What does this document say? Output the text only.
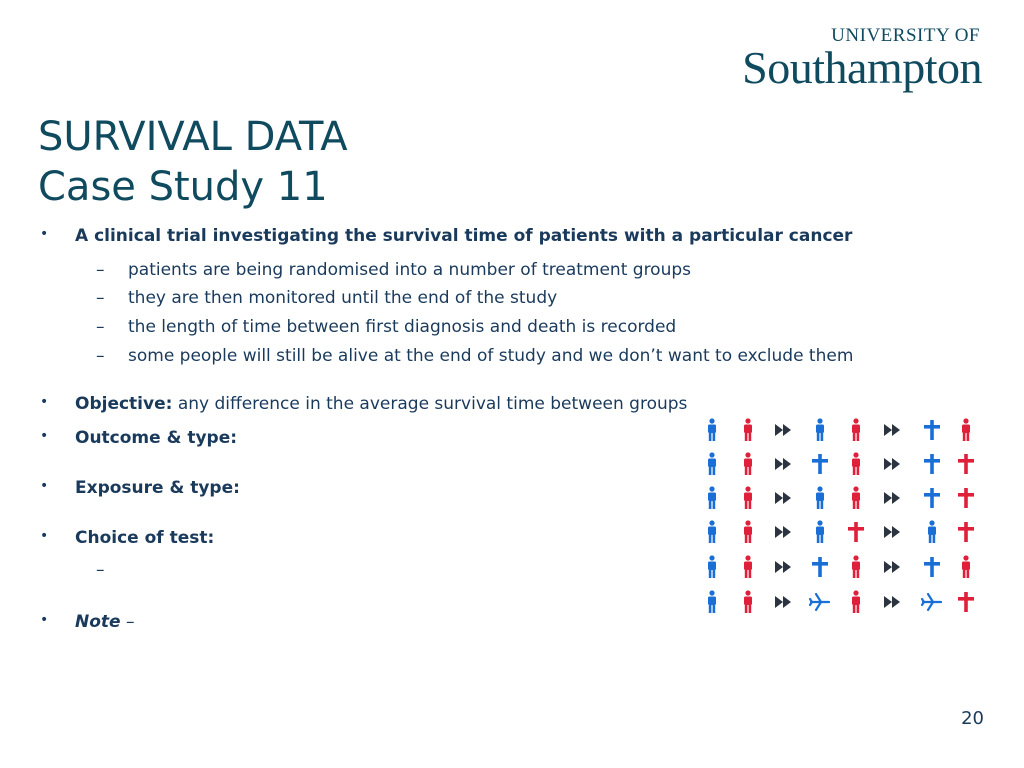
UNIVERSITY OF
Southampton
SURVIVAL DATA
Case Study 11
• A clinical trial investigating the survival time of patients with a particular cancer
– patients are being randomised into a number of treatment groups
– they are then monitored until the end of the study
– the length of time between first diagnosis and death is recorded
– some people will still be alive at the end of study and we don’t want to exclude them
• Objective: any difference in the average survival time between groups
• Outcome & type:
• Exposure & type:
• Choice of test:
–
• Note –
20
